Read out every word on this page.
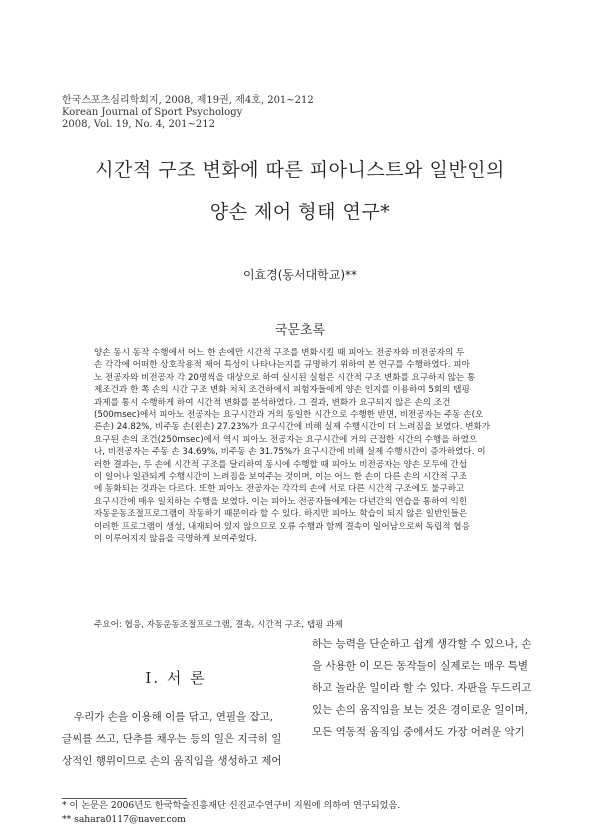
한국스포츠심리학회지, 2008, 제19권, 제4호, 201~212
Korean Journal of Sport Psychology
2008, Vol. 19, No. 4, 201~212
시간적 구조 변화에 따른 피아니스트와 일반인의
양손 제어 형태 연구*
이효경(동서대학교)**
국문초록
양손 동시 동작 수행에서 어느 한 손에만 시간적 구조를 변화시킬 때 피아노 전공자와 비전공자의 두
손 각각에 어떠한 상호작용적 제어 특성이 나타나는지를 규명하기 위하여 본 연구를 수행하였다. 피아
노 전공자와 비전공자 각 20명씩을 대상으로 하여 실시된 실험은 시간적 구조 변화를 요구하지 않는 통
제조건과 한 쪽 손의 시간 구조 변화 처치 조건하에서 피험자들에게 양손 인지를 이용하여 5회의 탭핑
과제를 통시 수행하게 하여 시간적 변화를 분석하였다. 그 결과, 변화가 요구되지 않은 손의 조건
(500msec)에서 피아노 전공자는 요구시간과 거의 동일한 시간으로 수행한 반면, 비전공자는 주동 손(오
른손) 24.82%, 비주동 손(왼손) 27.23%가 요구시간에 비해 실제 수행시간이 더 느려짐을 보였다. 변화가
요구된 손의 조건(250msec)에서 역시 피아노 전공자는 요구시간에 거의 근접한 시간의 수행을 하였으
나, 비전공자는 주동 손 34.69%, 비주동 손 31.75%가 요구시간에 비해 실제 수행시간이 증가하였다. 이
러한 결과는, 두 손에 시간적 구조를 달리하여 동시에 수행할 때 피아노 비전공자는 양손 모두에 간섭
이 일어나 일관되게 수행시간이 느려짐을 보여주는 것이며, 이는 어느 한 손이 다른 손의 시간적 구조
에 동화되는 것과는 다르다. 또한 피아노 전공자는 각각의 손에 서로 다른 시간적 구조에도 불구하고
요구시간에 매우 일치하는 수행을 보였다. 이는 피아노 전공자들에게는 다년간의 연습을 통하여 익힌
자동운동조절프로그램이 작동하기 때문이라 할 수 있다. 하지만 피아노 학습이 되지 않은 일반인들은
이러한 프로그램이 생성, 내재되어 있지 않으므로 오류 수행과 함께 결속이 일어남으로써 독립적 협응
이 이루어지지 않음을 극명하게 보여주었다.
주요어: 협응, 자동운동조절프로그램, 결속, 시간적 구조, 탭핑 과제
I. 서 론
우리가 손을 이용해 이를 닦고, 연필을 잡고,
글씨를 쓰고, 단추를 채우는 등의 일은 지극히 일
상적인 행위이므로 손의 움직임을 생성하고 제어
하는 능력을 단순하고 쉽게 생각할 수 있으나, 손
을 사용한 이 모든 동작들이 실제로는 매우 특별
하고 놀라운 일이라 할 수 있다. 자판을 두드리고
있는 손의 움직임을 보는 것은 경이로운 일이며,
모든 역동적 움직임 중에서도 가장 어려운 악기
* 이 논문은 2006년도 한국학술진흥재단 신진교수연구비 지원에 의하여 연구되었음.
** sahara0117@naver.com
